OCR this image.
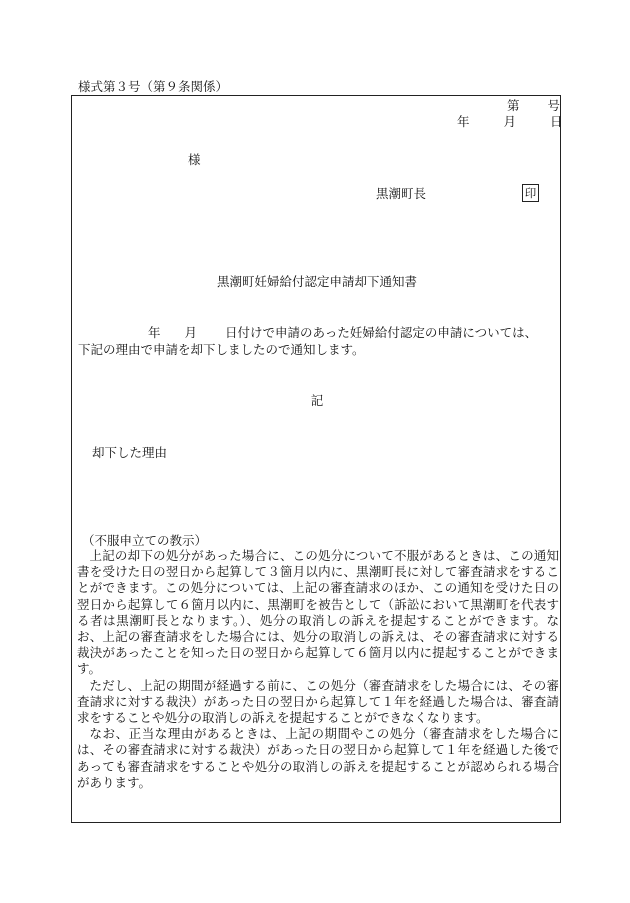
様式第３号（第９条関係）
第 号
年	月	日
様
黒潮町長	印
黒潮町妊婦給付認定申請却下通知書
年 月 日付けで申請のあった妊婦給付認定の申請については、
下記の理由で申請を却下しましたので通知します。
記
却下した理由
（不服申立ての教示）

上記の却下の処分があった場合に、この処分について不服があるときは、この通知書を受けた日の翌日から起算して３箇月以内に、黒潮町長に対して審査請求をすることができます。この処分については、上記の審査請求のほか、この通知を受けた日の翌日から起算して６箇月以内に、黒潮町を被告として（訴訟において黒潮町を代表する者は黒潮町長となります。）、処分の取消しの訴えを提起することができます。なお、上記の審査請求をした場合には、処分の取消しの訴えは、その審査請求に対する裁決があったことを知った日の翌日から起算して６箇月以内に提起することができます。

ただし、上記の期間が経過する前に、この処分（審査請求をした場合には、その審査請求に対する裁決）があった日の翌日から起算して１年を経過した場合は、審査請求をすることや処分の取消しの訴えを提起することができなくなります。

なお、正当な理由があるときは、上記の期間やこの処分（審査請求をした場合には、その審査請求に対する裁決）があった日の翌日から起算して１年を経過した後であっても審査請求をすることや処分の取消しの訴えを提起することが認められる場合があります。
